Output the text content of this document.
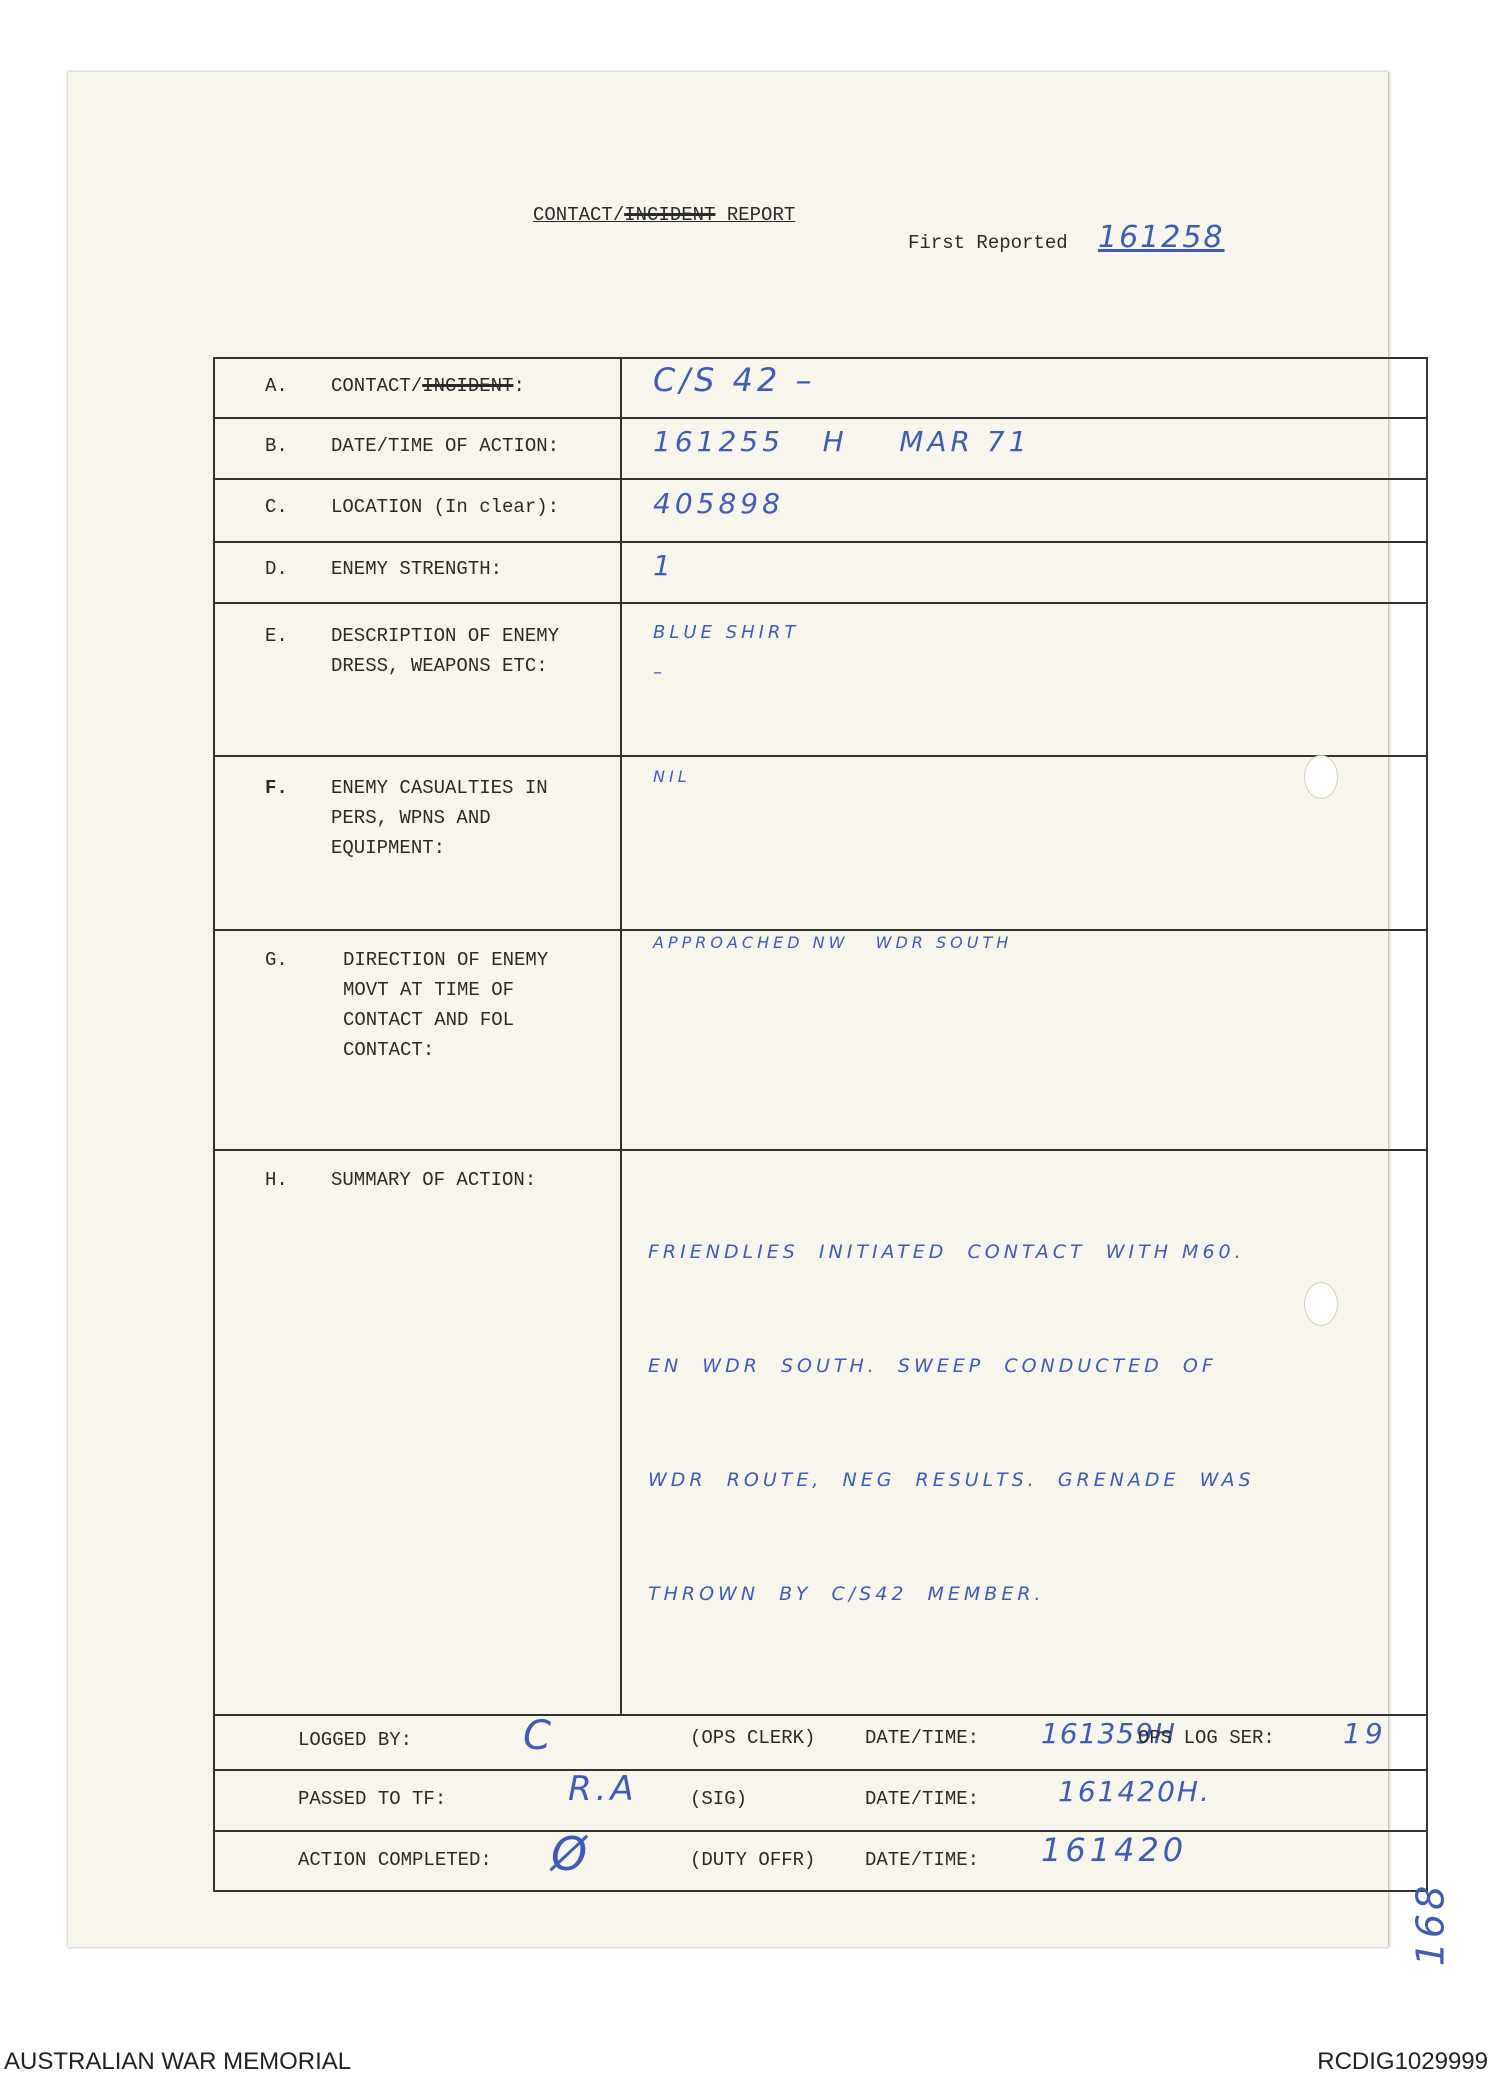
CONTACT/INCIDENT REPORT
First Reported 161258
A. CONTACT/INCIDENT:	C/S 42 –
B. DATE/TIME OF ACTION:	161255   H    MAR 71
C. LOCATION (In clear):	405898
D. ENEMY STRENGTH:	1
E. DESCRIPTION OF ENEMY
DRESS, WEAPONS ETC:
BLUE SHIRT
–
F. ENEMY CASUALTIES IN
PERS, WPNS AND
EQUIPMENT:
NIL
G.	DIRECTION OF ENEMY
MOVT AT TIME OF
CONTACT AND FOL
CONTACT:
APPROACHED NW   WDR SOUTH
H. SUMMARY OF ACTION:

FRIENDLIES  INITIATED  CONTACT  WITH M60.

EN  WDR  SOUTH.  SWEEP  CONDUCTED  OF

WDR  ROUTE,  NEG  RESULTS.  GRENADE  WAS

THROWN  BY  C/S42  MEMBER.

LOGGED BY:	C	(OPS CLERK)	DATE/TIME: 161359H
OPS LOG SER: 19
PASSED TO TF:	R.A	(SIG)	DATE/TIME:	161420H.
ACTION COMPLETED: Ø	(DUTY OFFR)	DATE/TIME: 161420
168
AUSTRALIAN WAR MEMORIAL	RCDIG1029999
